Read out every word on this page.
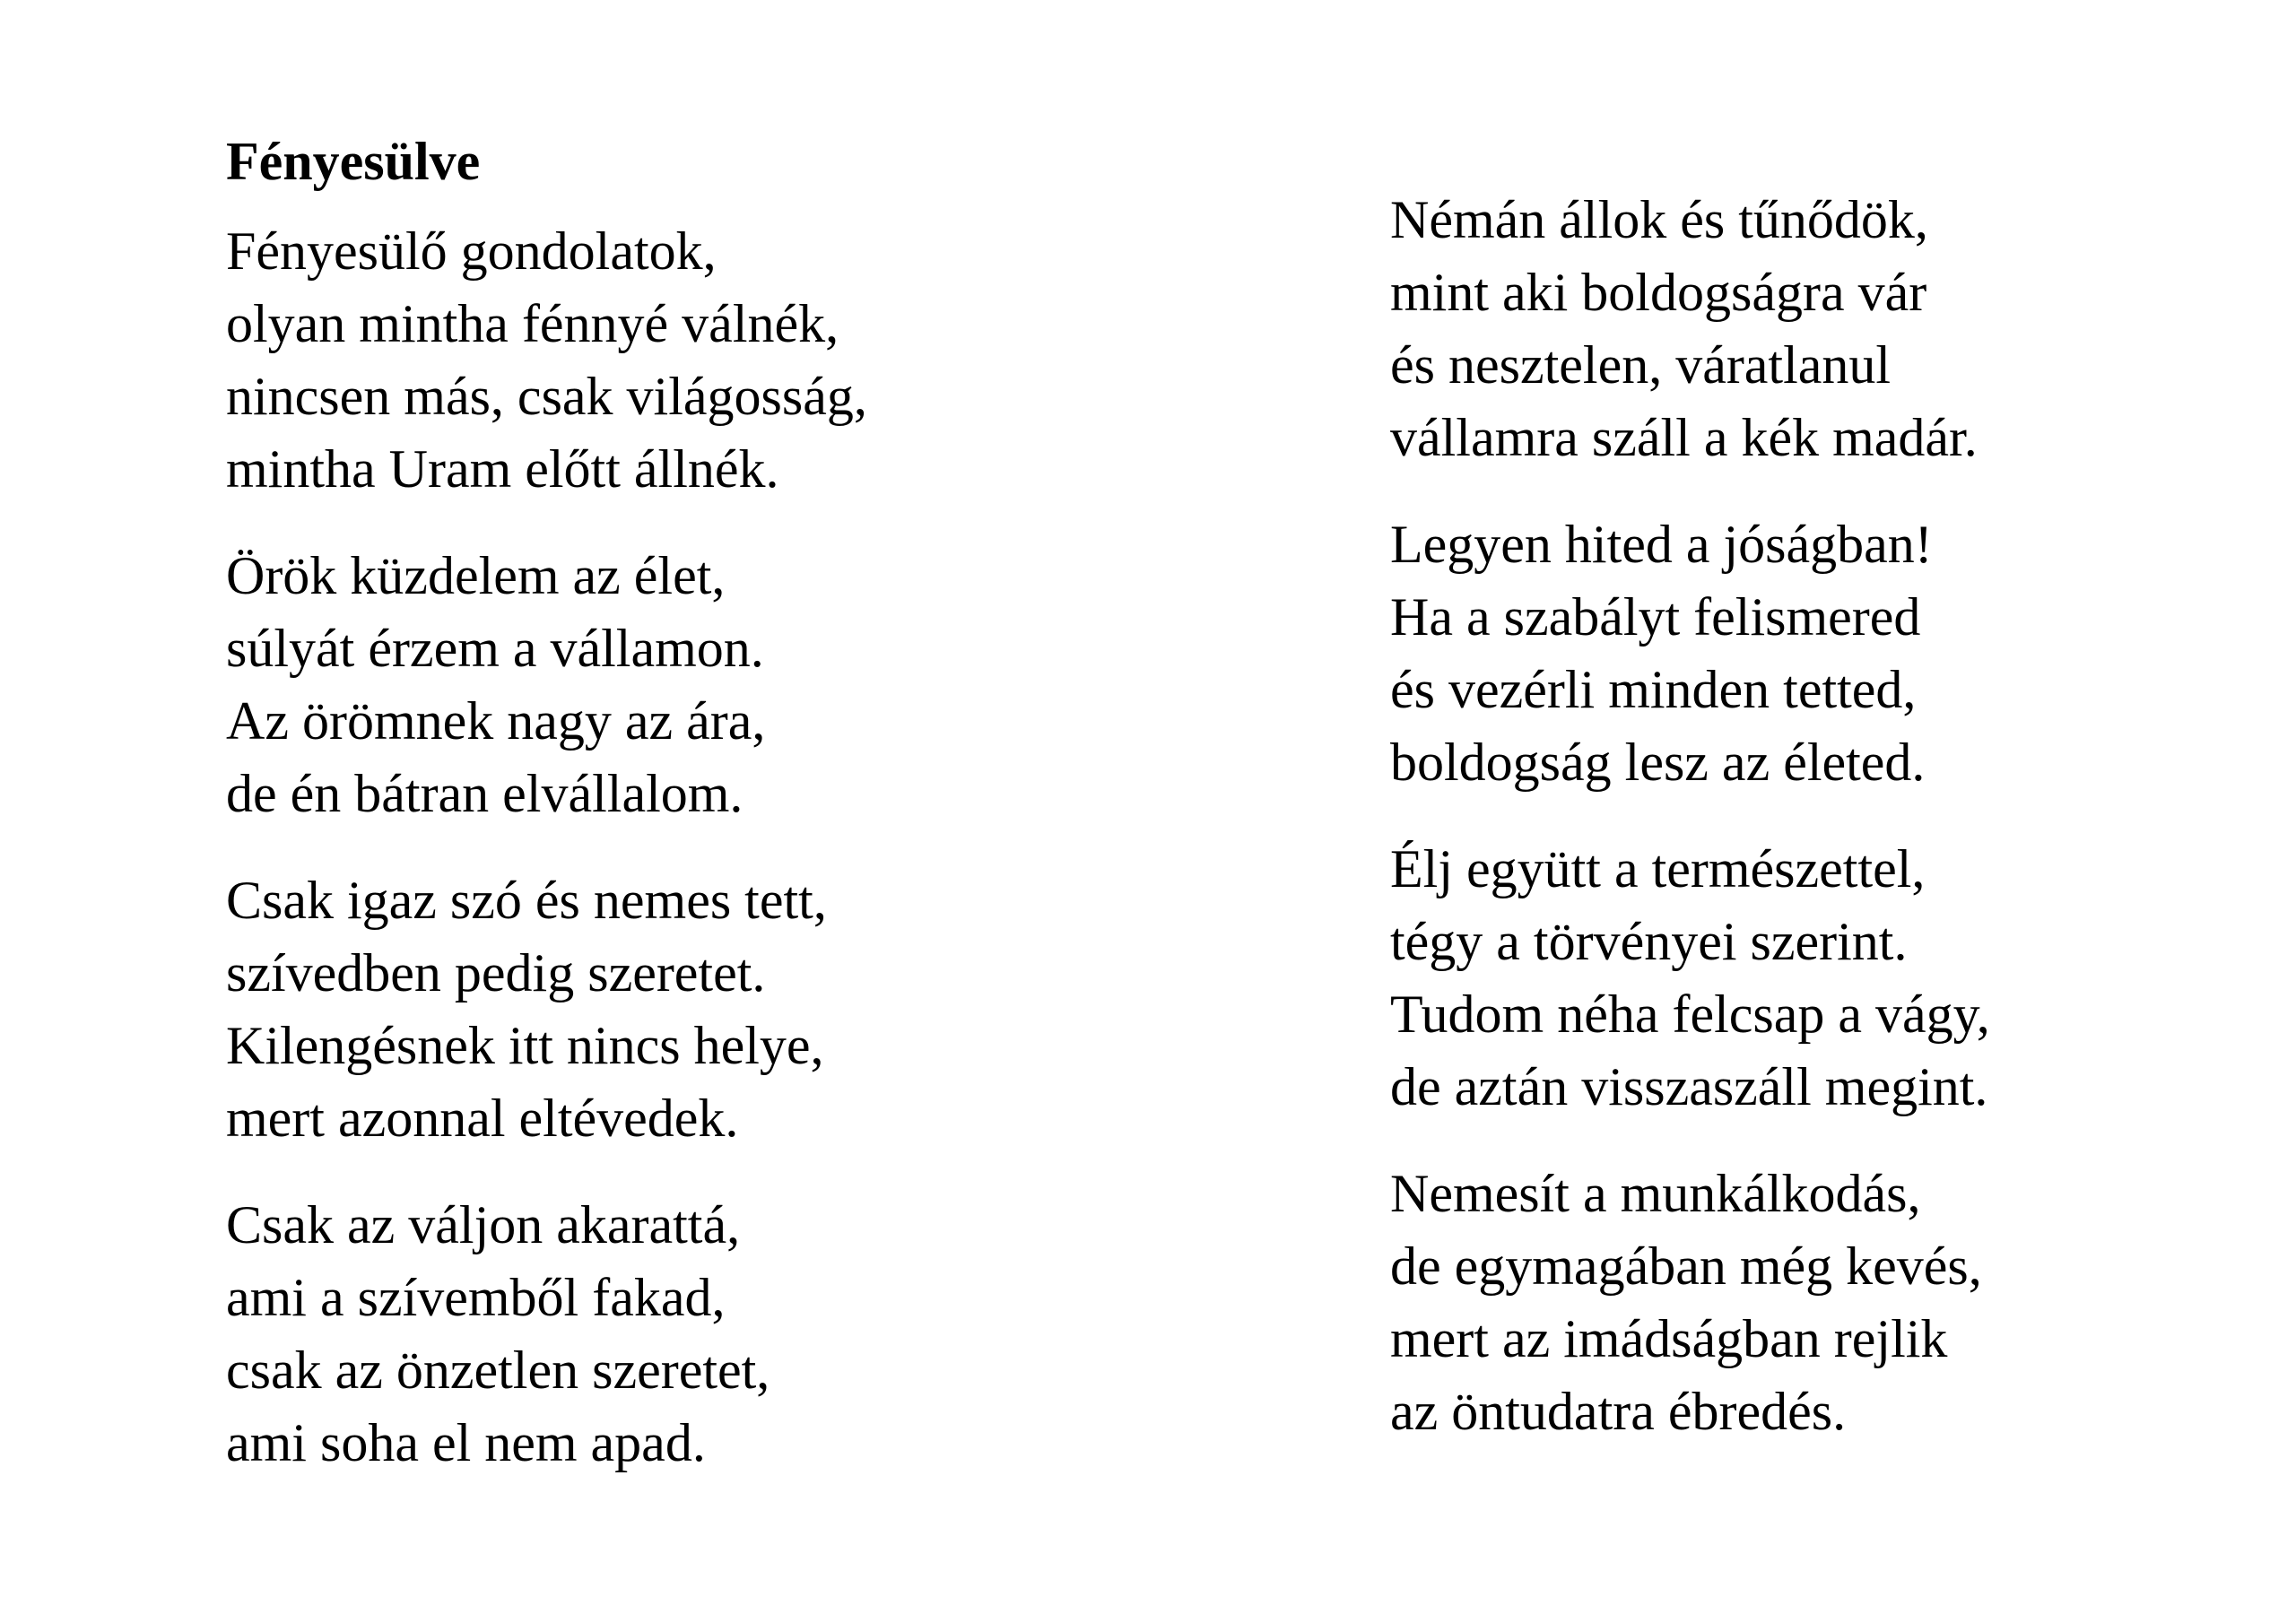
Fényesülve
Fényesülő gondolatok,
olyan mintha fénnyé válnék,
nincsen más, csak világosság,
mintha Uram előtt állnék.
Örök küzdelem az élet,
súlyát érzem a vállamon.
Az örömnek nagy az ára,
de én bátran elvállalom.
Csak igaz szó és nemes tett,
szívedben pedig szeretet.
Kilengésnek itt nincs helye,
mert azonnal eltévedek.
Csak az váljon akarattá,
ami a szívemből fakad,
csak az önzetlen szeretet,
ami soha el nem apad.
Némán állok és tűnődök,
mint aki boldogságra vár
és nesztelen, váratlanul
vállamra száll a kék madár.
Legyen hited a jóságban!
Ha a szabályt felismered
és vezérli minden tetted,
boldogság lesz az életed.
Élj együtt a természettel,
tégy a törvényei szerint.
Tudom néha felcsap a vágy,
de aztán visszaszáll megint.
Nemesít a munkálkodás,
de egymagában még kevés,
mert az imádságban rejlik
az öntudatra ébredés.
